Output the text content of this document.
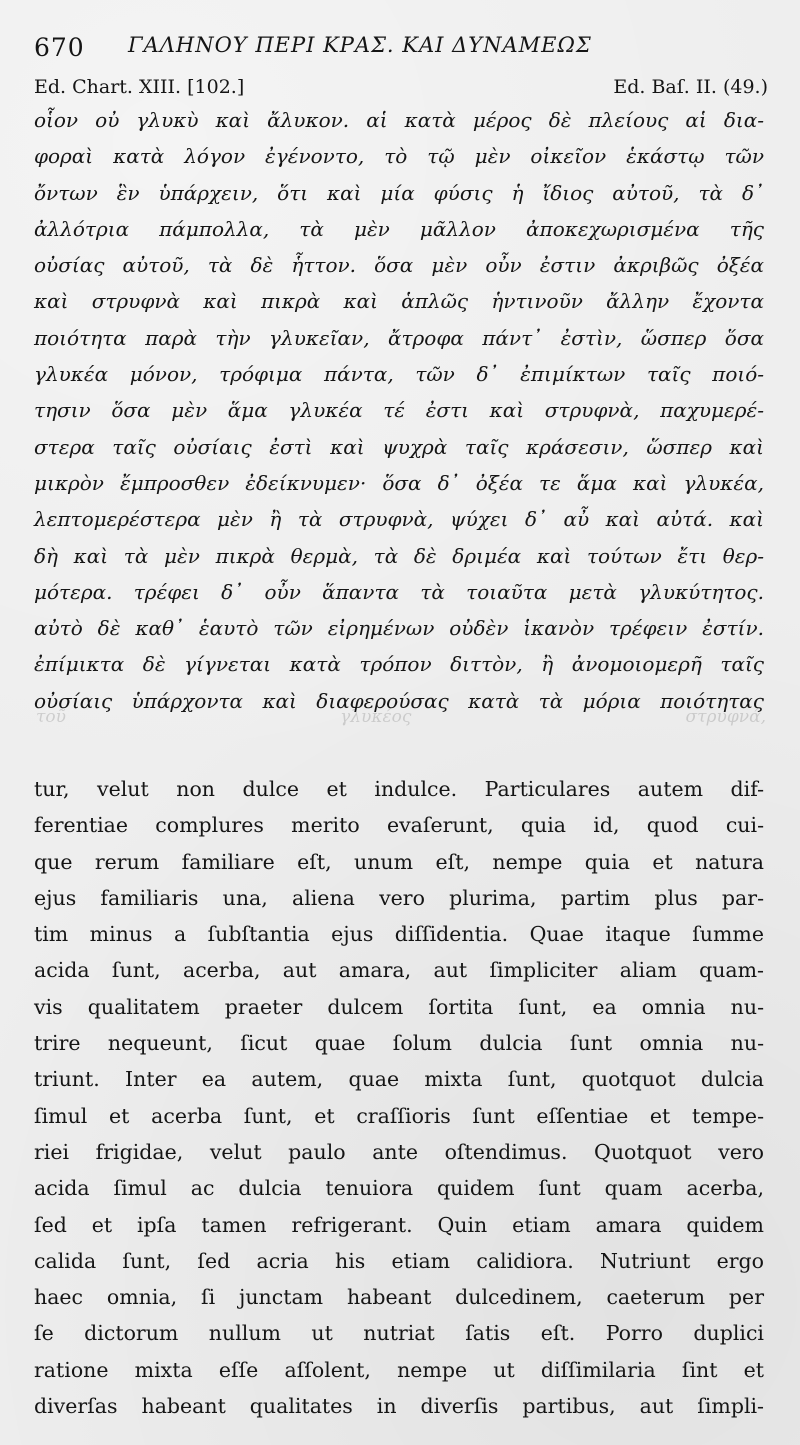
670 ΓΑΛΗΝΟΥ ΠΕΡΙ ΚΡΑΣ. ΚΑΙ ΔΥΝΑΜΕΩΣ
Ed. Chart. XIII. [102.]	Ed. Baſ. II. (49.)
οἷον οὐ γλυκὺ καὶ ἄλυκον. αἱ κατὰ μέρος δὲ πλείους αἱ δια-
φοραὶ κατὰ λόγον ἐγένοντο, τὸ τῷ μὲν οἰκεῖον ἑκάστῳ τῶν
ὄντων ἓν ὑπάρχειν, ὅτι καὶ μία φύσις ἡ ἴδιος αὐτοῦ, τὰ δ᾽
ἀλλότρια πάμπολλα, τὰ μὲν μᾶλλον ἀποκεχωρισμένα τῆς
οὐσίας αὐτοῦ, τὰ δὲ ἧττον. ὅσα μὲν οὖν ἐστιν ἀκριβῶς ὀξέα
καὶ στρυφνὰ καὶ πικρὰ καὶ ἁπλῶς ἡντινοῦν ἄλλην ἔχοντα
ποιότητα παρὰ τὴν γλυκεῖαν, ἄτροφα πάντ᾽ ἐστὶν, ὥσπερ ὅσα
γλυκέα μόνον, τρόφιμα πάντα, τῶν δ᾽ ἐπιμίκτων ταῖς ποιό-
τησιν ὅσα μὲν ἅμα γλυκέα τέ ἐστι καὶ στρυφνὰ, παχυμερέ-
στερα ταῖς οὐσίαις ἐστὶ καὶ ψυχρὰ ταῖς κράσεσιν, ὥσπερ καὶ
μικρὸν ἔμπροσθεν ἐδείκνυμεν· ὅσα δ᾽ ὀξέα τε ἅμα καὶ γλυκέα,
λεπτομερέστερα μὲν ἢ τὰ στρυφνὰ, ψύχει δ᾽ αὖ καὶ αὐτά. καὶ
δὴ καὶ τὰ μὲν πικρὰ θερμὰ, τὰ δὲ δριμέα καὶ τούτων ἔτι θερ-
μότερα. τρέφει δ᾽ οὖν ἅπαντα τὰ τοιαῦτα μετὰ γλυκύτητος.
αὐτὸ δὲ καθ᾽ ἑαυτὸ τῶν εἰρημένων οὐδὲν ἱκανὸν τρέφειν ἐστίν.
ἐπίμικτα δὲ γίγνεται κατὰ τρόπον διττὸν, ἢ ἀνομοιομερῆ ταῖς
οὐσίαις ὑπάρχοντα καὶ διαφερούσας κατὰ τὰ μόρια ποιότητας
τοῦ γλυκέος στρυφνά,
tur, velut non dulce et indulce. Particulares autem dif-
ferentiae complures merito evaſerunt, quia id, quod cui-
que rerum familiare eſt, unum eſt, nempe quia et natura
ejus familiaris una, aliena vero plurima, partim plus par-
tim minus a ſubſtantia ejus diſſidentia. Quae itaque ſumme
acida ſunt, acerba, aut amara, aut ſimpliciter aliam quam-
vis qualitatem praeter dulcem ſortita ſunt, ea omnia nu-
trire nequeunt, ſicut quae ſolum dulcia ſunt omnia nu-
triunt. Inter ea autem, quae mixta ſunt, quotquot dulcia
ſimul et acerba ſunt, et craſſioris ſunt eſſentiae et tempe-
riei frigidae, velut paulo ante oſtendimus. Quotquot vero
acida ſimul ac dulcia tenuiora quidem ſunt quam acerba,
ſed et ipſa tamen refrigerant. Quin etiam amara quidem
calida ſunt, ſed acria his etiam calidiora. Nutriunt ergo
haec omnia, ſi junctam habeant dulcedinem, caeterum per
ſe dictorum nullum ut nutriat ſatis eſt. Porro duplici
ratione mixta eſſe aſſolent, nempe ut diſſimilaria ſint et
diverſas habeant qualitates in diverſis partibus, aut ſimpli-
